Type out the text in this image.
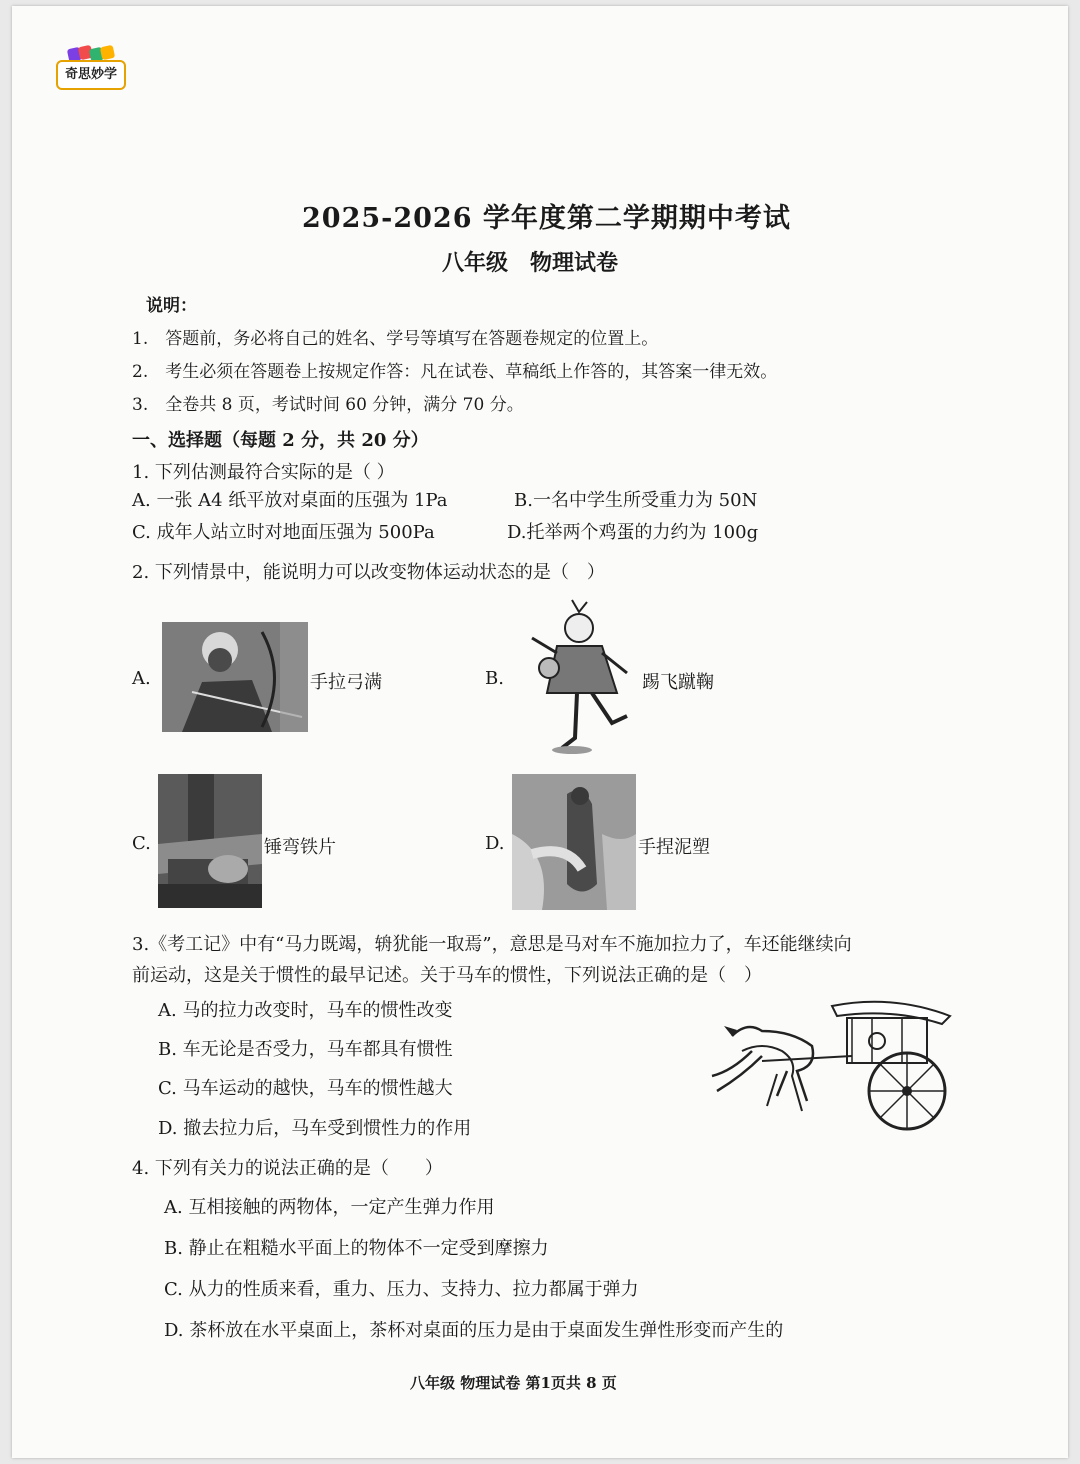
奇思妙学
2025-2026 学年度第二学期期中考试
八年级　物理试卷
说明：
1.　答题前，务必将自己的姓名、学号等填写在答题卷规定的位置上。
2.　考生必须在答题卷上按规定作答：凡在试卷、草稿纸上作答的，其答案一律无效。
3.　全卷共 8 页，考试时间 60 分钟，满分 70 分。
一、选择题（每题 2 分，共 20 分）
1. 下列估测最符合实际的是（ ）
A. 一张 A4 纸平放对桌面的压强为 1Pa	B.一名中学生所受重力为 50N
C. 成年人站立时对地面压强为 500Pa	D.托举两个鸡蛋的力约为 100g
2. 下列情景中，能说明力可以改变物体运动状态的是（　）
A.	手拉弓满	B.	踢飞蹴鞠
C.	锤弯铁片	D.	手捏泥塑
3.《考工记》中有“马力既竭，辀犹能一取焉”，意思是马对车不施加拉力了，车还能继续向
前运动，这是关于惯性的最早记述。关于马车的惯性，下列说法正确的是（　）
A. 马的拉力改变时，马车的惯性改变
B. 车无论是否受力，马车都具有惯性
C. 马车运动的越快，马车的惯性越大
D. 撤去拉力后，马车受到惯性力的作用
4. 下列有关力的说法正确的是（　　）
A. 互相接触的两物体，一定产生弹力作用
B. 静止在粗糙水平面上的物体不一定受到摩擦力
C. 从力的性质来看，重力、压力、支持力、拉力都属于弹力
D. 茶杯放在水平桌面上，茶杯对桌面的压力是由于桌面发生弹性形变而产生的
八年级 物理试卷 第1页共 8 页
